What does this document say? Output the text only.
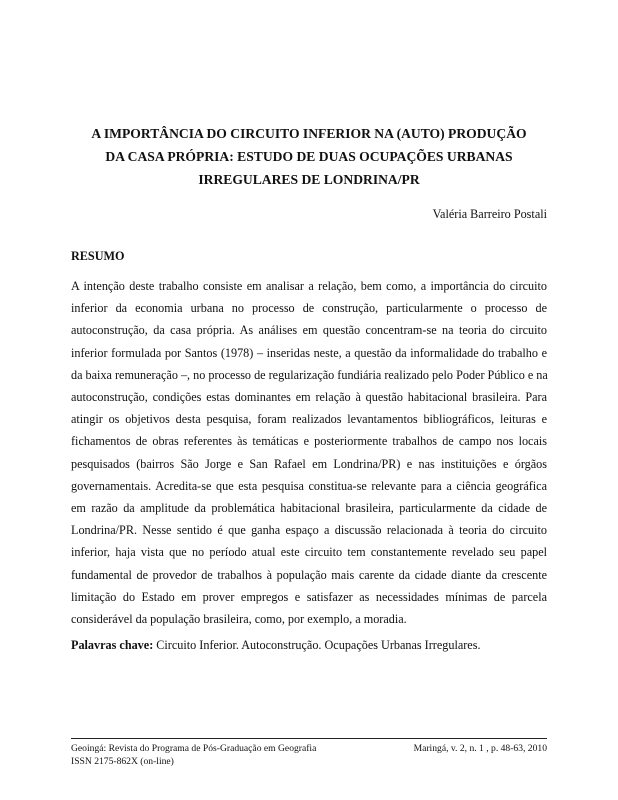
A IMPORTÂNCIA DO CIRCUITO INFERIOR NA (AUTO) PRODUÇÃO
DA CASA PRÓPRIA: ESTUDO DE DUAS OCUPAÇÕES URBANAS
IRREGULARES DE LONDRINA/PR
Valéria Barreiro Postali
RESUMO
A intenção deste trabalho consiste em analisar a relação, bem como, a importância do circuito
inferior da economia urbana no processo de construção, particularmente o processo de
autoconstrução, da casa própria. As análises em questão concentram-se na teoria do circuito
inferior formulada por Santos (1978) – inseridas neste, a questão da informalidade do trabalho e
da baixa remuneração –, no processo de regularização fundiária realizado pelo Poder Público e na
autoconstrução, condições estas dominantes em relação à questão habitacional brasileira. Para
atingir os objetivos desta pesquisa, foram realizados levantamentos bibliográficos, leituras e
fichamentos de obras referentes às temáticas e posteriormente trabalhos de campo nos locais
pesquisados (bairros São Jorge e San Rafael em Londrina/PR) e nas instituições e órgãos
governamentais. Acredita-se que esta pesquisa constitua-se relevante para a ciência geográfica
em razão da amplitude da problemática habitacional brasileira, particularmente da cidade de
Londrina/PR. Nesse sentido é que ganha espaço a discussão relacionada à teoria do circuito
inferior, haja vista que no período atual este circuito tem constantemente revelado seu papel
fundamental de provedor de trabalhos à população mais carente da cidade diante da crescente
limitação do Estado em prover empregos e satisfazer as necessidades mínimas de parcela
considerável da população brasileira, como, por exemplo, a moradia.
Palavras chave: Circuito Inferior. Autoconstrução. Ocupações Urbanas Irregulares.
Geoingá: Revista do Programa de Pós-Graduação em Geografia
ISSN 2175-862X (on-line)
Maringá, v. 2, n. 1 , p. 48-63, 2010
